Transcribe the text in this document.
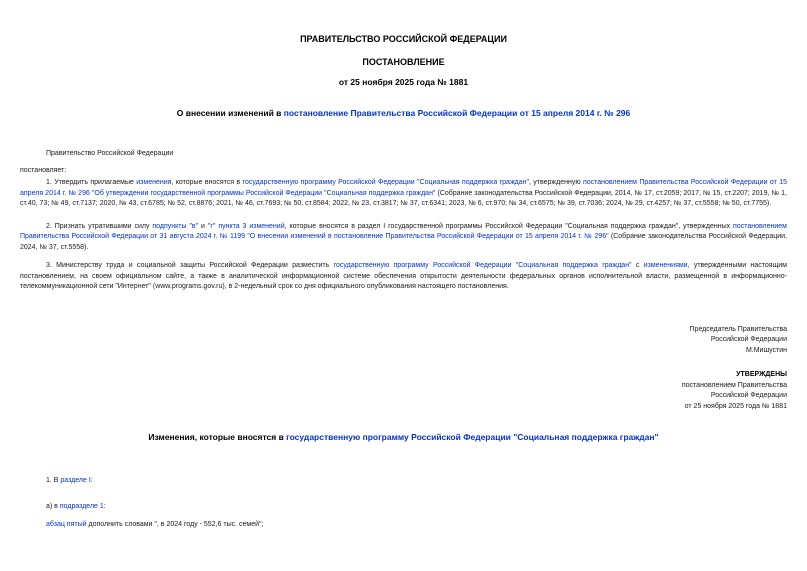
ПРАВИТЕЛЬСТВО РОССИЙСКОЙ ФЕДЕРАЦИИ
ПОСТАНОВЛЕНИЕ
от 25 ноября 2025 года № 1881
О внесении изменений в постановление Правительства Российской Федерации от 15 апреля 2014 г. № 296

Правительство Российской Федерации

постановляет:

1. Утвердить прилагаемые изменения, которые вносятся в государственную программу Российской Федерации "Социальная поддержка граждан", утвержденную постановлением Правительства Российской Федерации от 15 апреля 2014 г. № 296 "Об утверждении государственной программы Российской Федерации "Социальная поддержка граждан" (Собрание законодательства Российской Федерации, 2014, № 17, ст.2059; 2017, № 15, ст.2207; 2019, № 1, ст.40, 73; № 49, ст.7137; 2020, № 43, ст.6785; № 52, ст.8876; 2021, № 46, ст.7693; № 50, ст.8584; 2022, № 23, ст.3817; № 37, ст.6341; 2023, № 6, ст.970; № 34, ст.6575; № 39, ст.7036; 2024, № 29, ст.4257; № 37, ст.5558; № 50, ст.7755).

2. Признать утратившими силу подпункты "в" и "г" пункта 3 изменений, которые вносятся в раздел I государственной программы Российской Федерации "Социальная поддержка граждан", утвержденных постановлением Правительства Российской Федерации от 31 августа 2024 г. № 1199 "О внесении изменений в постановление Правительства Российской Федерации от 15 апреля 2014 г. № 296" (Собрание законодательства Российской Федерации, 2024, № 37, ст.5558).

3. Министерству труда и социальной защиты Российской Федерации разместить государственную программу Российской Федерации "Социальная поддержка граждан" с изменениями, утвержденными настоящим постановлением, на своем официальном сайте, а также в аналитической информационной системе обеспечения открытости деятельности федеральных органов исполнительной власти, размещенной в информационно-телекоммуникационной сети "Интернет" (www.programs.gov.ru), в 2-недельный срок со дня официального опубликования настоящего постановления.

Председатель Правительства
Российской Федерации
М.Мишустин
УТВЕРЖДЕНЫ
постановлением Правительства
Российской Федерации
от 25 ноября 2025 года № 1881
Изменения, которые вносятся в государственную программу Российской Федерации "Социальная поддержка граждан"

1. В разделе I:

а) в подразделе 1:

абзац пятый дополнить словами ", в 2024 году - 552,6 тыс. семей";
